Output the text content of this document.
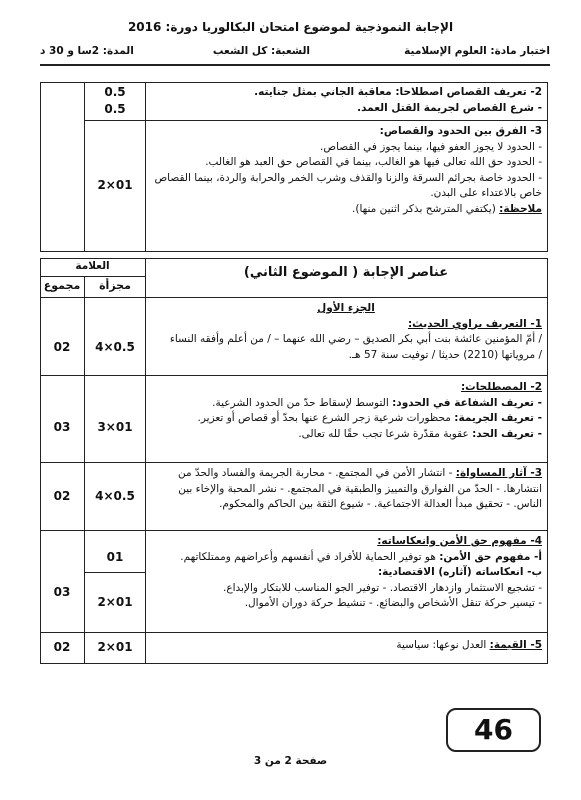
الإجابة النموذجية لموضوع امتحان البكالوريا دورة: 2016
اختبار مادة: العلوم الإسلامية
الشعبة: كل الشعب
المدة: 2سا و 30 د

2- تعريف القصاص اصطلاحا: معاقبة الجاني بمثل جنايته.

- شرع القصاص لجريمة القتل العمد.

0.5
0.5

3- الفرق بين الحدود والقصاص:

- الحدود لا يجوز العفو فيها، بينما يجوز في القصاص.

- الحدود حق الله تعالى فيها هو الغالب، بينما في القصاص حق العبد هو الغالب.

- الحدود خاصة بجرائم السرقة والزنا والقذف وشرب الخمر والحرابة والردة، بينما القصاص

خاص بالاعتداء على البدن.

ملاحظة: (يكتفي المترشح بذكر اثنين منها).

2×01
عناصر الإجابة ( الموضوع الثاني)
العلامة
مجزأة
مجموع

الجزء الأول

1- التعريف براوي الحديث:

/ أمّ المؤمنين عائشة بنت أبي بكر الصديق – رضي الله عنهما – / من أعلم وأفقه النساء

/ مروياتها (2210) حديثا / توفيت سنة 57 هـ.

4×0.5
02

2- المصطلحات:

- تعريف الشفاعة في الحدود: التوسط لإسقاط حدّ من الحدود الشرعية.

- تعريف الجريمة: محظورات شرعية زجر الشرع عنها بحدّ أو قصاص أو تعزير.

- تعريف الحد: عقوبة مقدّرة شرعا تجب حقًا لله تعالى.

3×01
03

3- آثار المساواة: - انتشار الأمن في المجتمع. - محاربة الجريمة والفساد والحدّ من

انتشارها. - الحدّ من الفوارق والتمييز والطبقية في المجتمع. - نشر المحبة والإخاء بين

الناس. - تحقيق مبدأ العدالة الاجتماعية. - شيوع الثقة بين الحاكم والمحكوم.

4×0.5
02

4- مفهوم حق الأمن وانعكاساته:

أ- مفهوم حق الأمن: هو توفير الحماية للأفراد في أنفسهم وأعراضهم وممتلكاتهم.

ب- انعكاساته (آثاره) الاقتصادية:

- تشجيع الاستثمار وازدهار الاقتصاد. - توفير الجو المناسب للابتكار والإبداع.

- تيسير حركة تنقل الأشخاص والبضائع. - تنشيط حركة دوران الأموال.

01
2×01
03

5- القيمة: العدل نوعها: سياسية

2×01
02
46
صفحة 2 من 3
